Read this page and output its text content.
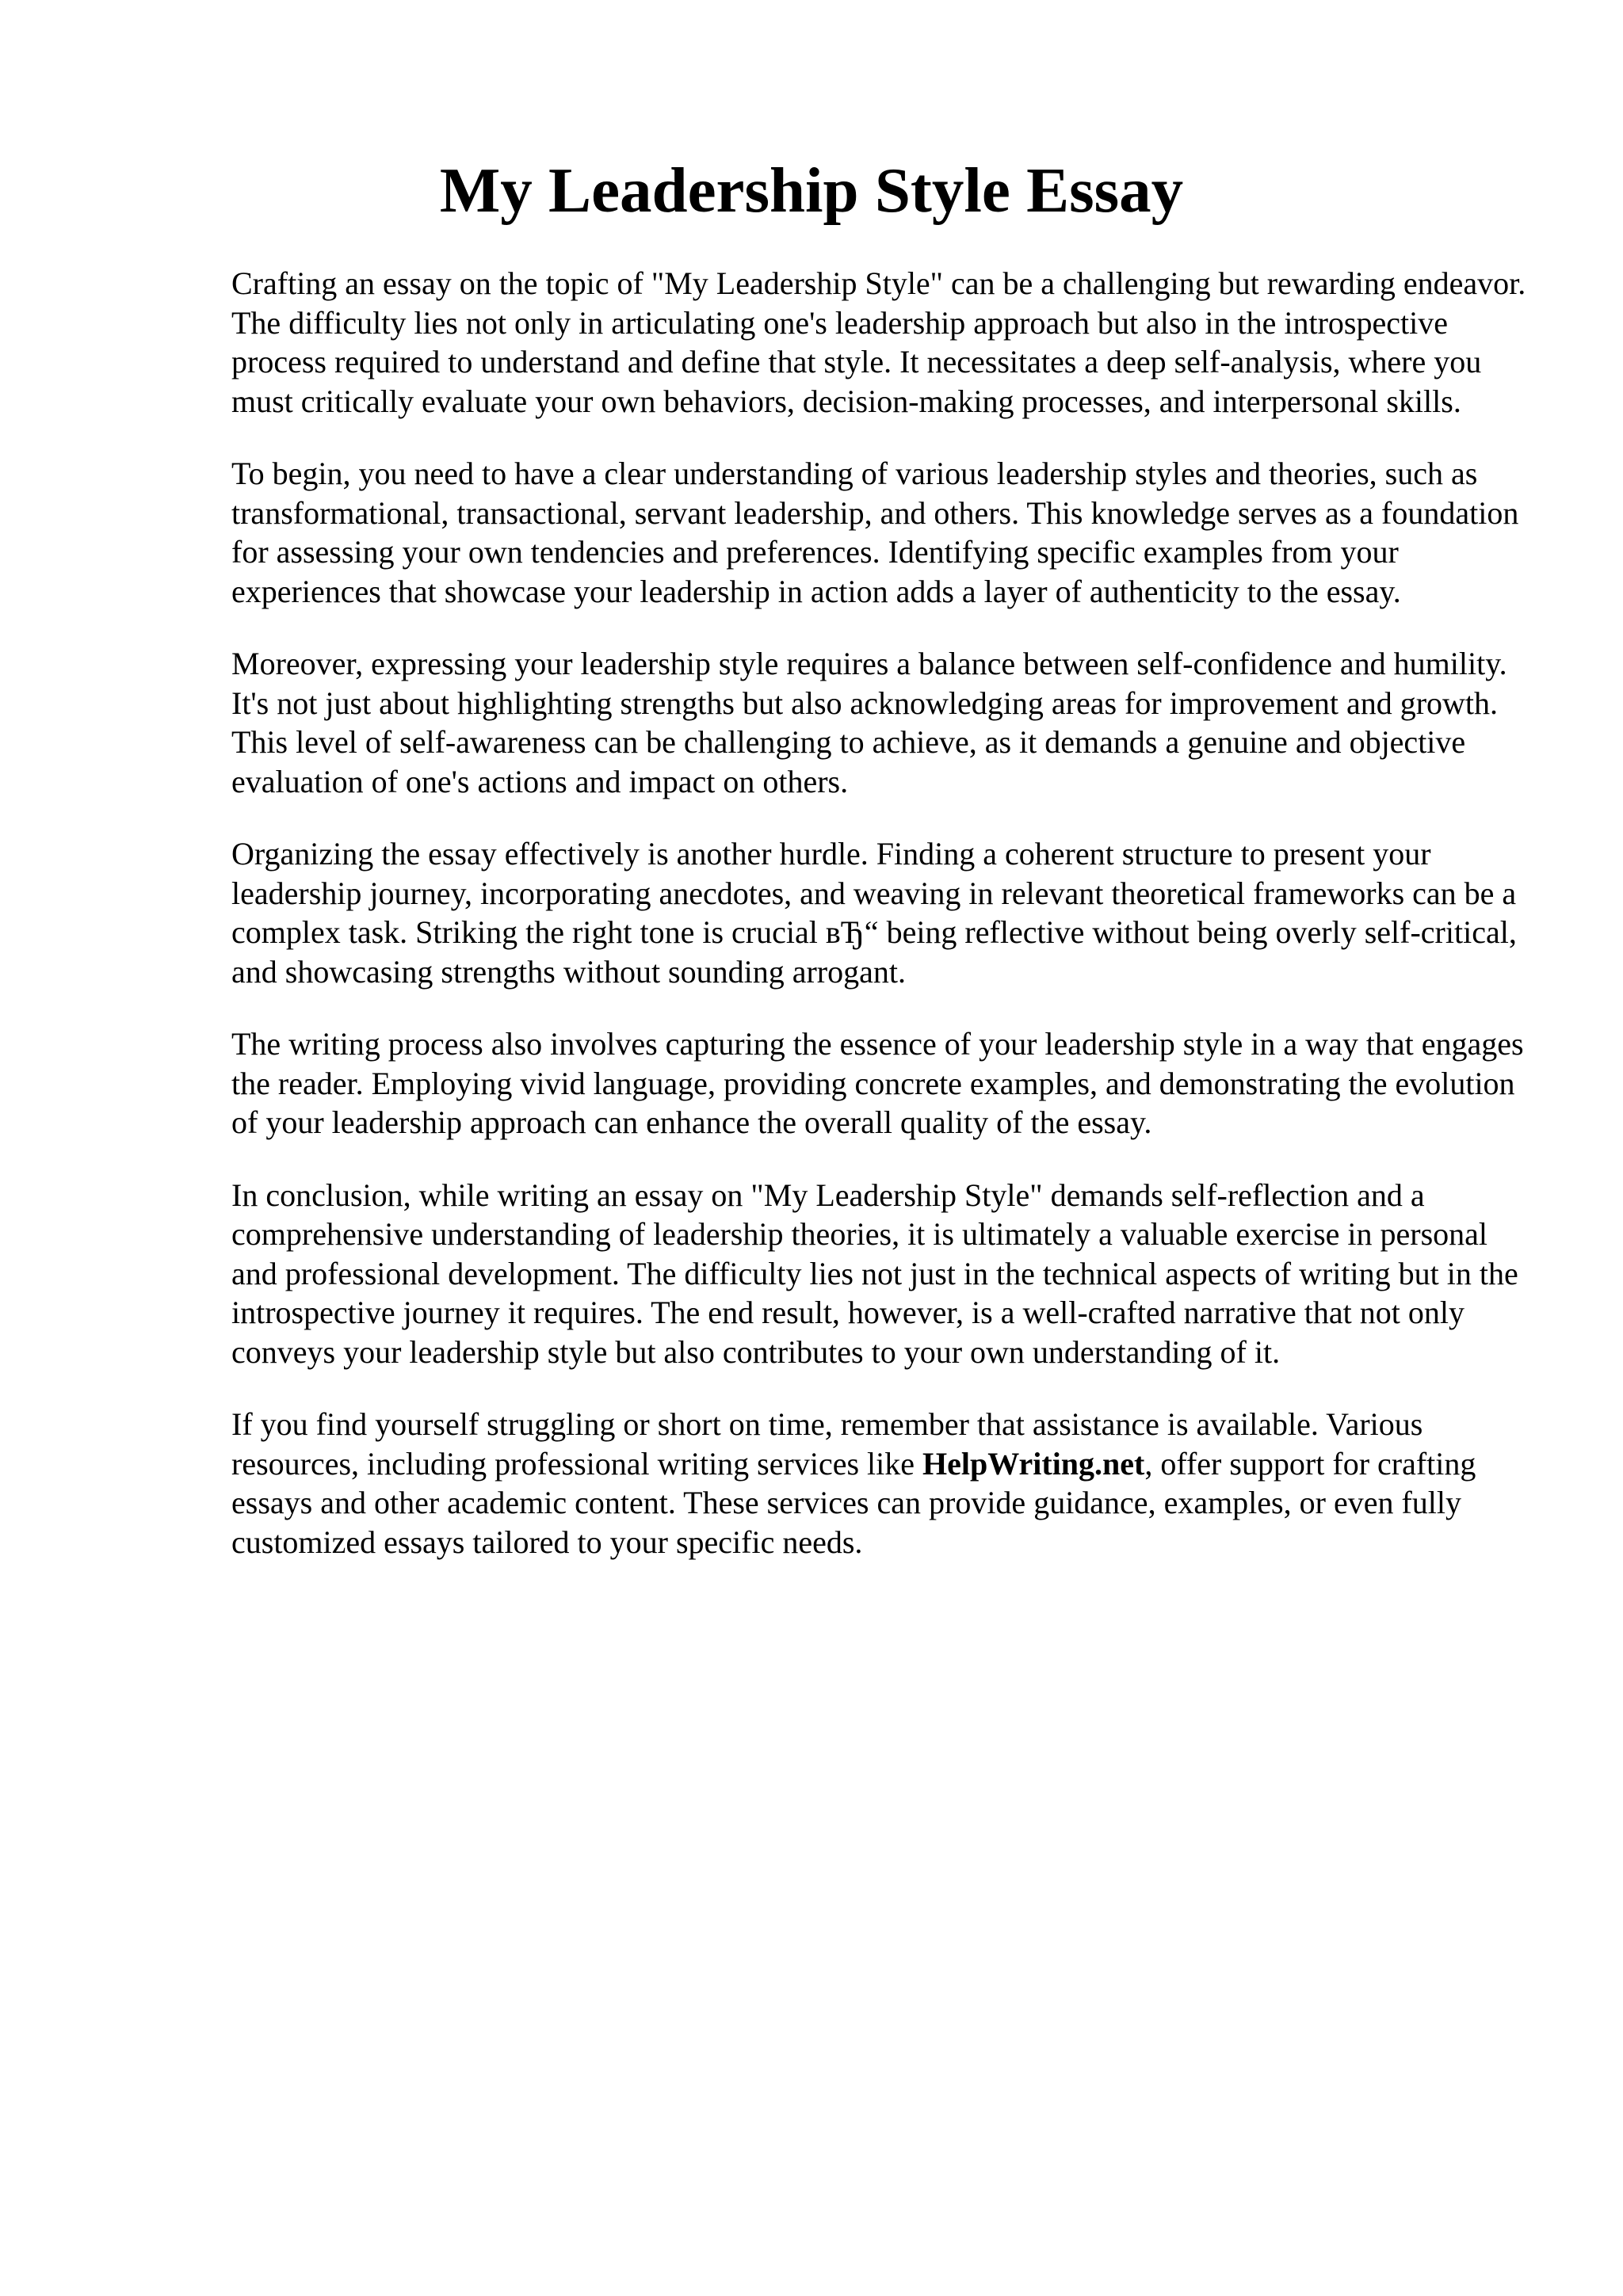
My Leadership Style Essay

Crafting an essay on the topic of "My Leadership Style" can be a challenging but rewarding endeavor. The difficulty lies not only in articulating one's leadership approach but also in the introspective process required to understand and define that style. It necessitates a deep self-analysis, where you must critically evaluate your own behaviors, decision-making processes, and interpersonal skills.

To begin, you need to have a clear understanding of various leadership styles and theories, such as transformational, transactional, servant leadership, and others. This knowledge serves as a foundation for assessing your own tendencies and preferences. Identifying specific examples from your experiences that showcase your leadership in action adds a layer of authenticity to the essay.

Moreover, expressing your leadership style requires a balance between self-confidence and humility. It's not just about highlighting strengths but also acknowledging areas for improvement and growth. This level of self-awareness can be challenging to achieve, as it demands a genuine and objective evaluation of one's actions and impact on others.

Organizing the essay effectively is another hurdle. Finding a coherent structure to present your leadership journey, incorporating anecdotes, and weaving in relevant theoretical frameworks can be a complex task. Striking the right tone is crucial вЂ“ being reflective without being overly self-critical, and showcasing strengths without sounding arrogant.

The writing process also involves capturing the essence of your leadership style in a way that engages the reader. Employing vivid language, providing concrete examples, and demonstrating the evolution of your leadership approach can enhance the overall quality of the essay.

In conclusion, while writing an essay on "My Leadership Style" demands self-reflection and a comprehensive understanding of leadership theories, it is ultimately a valuable exercise in personal and professional development. The difficulty lies not just in the technical aspects of writing but in the introspective journey it requires. The end result, however, is a well-crafted narrative that not only conveys your leadership style but also contributes to your own understanding of it.

If you find yourself struggling or short on time, remember that assistance is available. Various resources, including professional writing services like HelpWriting.net, offer support for crafting essays and other academic content. These services can provide guidance, examples, or even fully customized essays tailored to your specific needs.
